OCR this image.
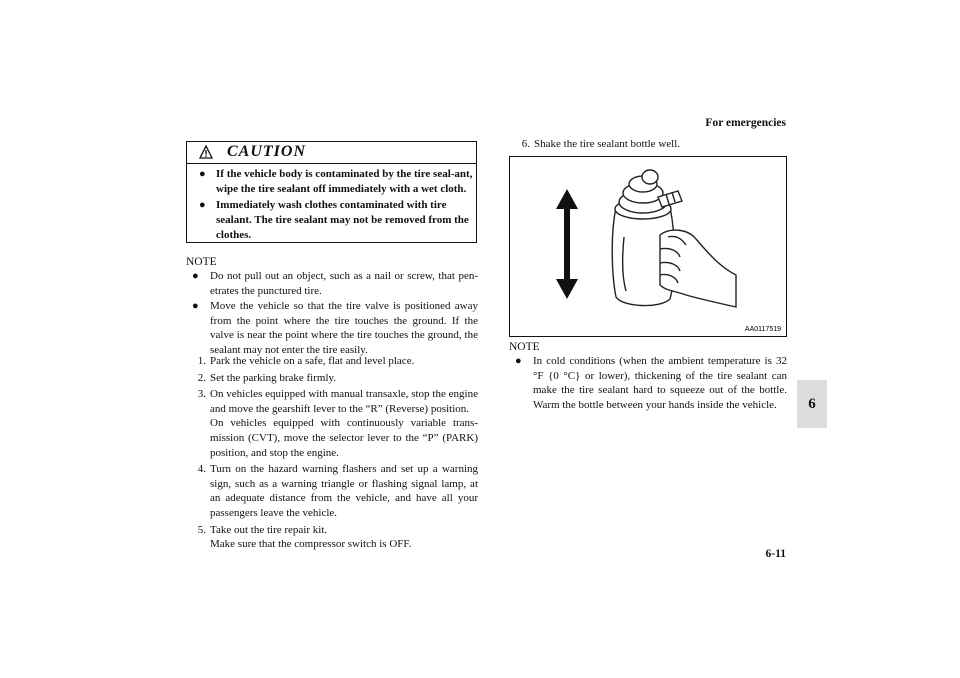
For emergencies
6
CAUTION

● If the vehicle body is contaminated by the tire seal-ant, wipe the tire sealant off immediately with a wet cloth.

● Immediately wash clothes contaminated with tire sealant. The tire sealant may not be removed from the clothes.

NOTE

● Do not pull out an object, such as a nail or screw, that pen-etrates the punctured tire.

● Move the vehicle so that the tire valve is positioned away from the point where the tire touches the ground. If the valve is near the point where the tire touches the ground, the sealant may not enter the tire easily.

1. Park the vehicle on a safe, flat and level place.
2. Set the parking brake firmly.
3. On vehicles equipped with manual transaxle, stop the engine and move the gearshift lever to the “R” (Reverse) position.
On vehicles equipped with continuously variable trans-mission (CVT), move the selector lever to the “P” (PARK) position, and stop the engine.
4. Turn on the hazard warning flashers and set up a warning sign, such as a warning triangle or flashing signal lamp, at an adequate distance from the vehicle, and have all your passengers leave the vehicle.
5. Take out the tire repair kit.
Make sure that the compressor switch is OFF.
6. Shake the tire sealant bottle well.
AA0117519
NOTE

● In cold conditions (when the ambient temperature is 32 °F {0 °C} or lower), thickening of the tire sealant can make the tire sealant hard to squeeze out of the bottle. Warm the bottle between your hands inside the vehicle.

6-11
